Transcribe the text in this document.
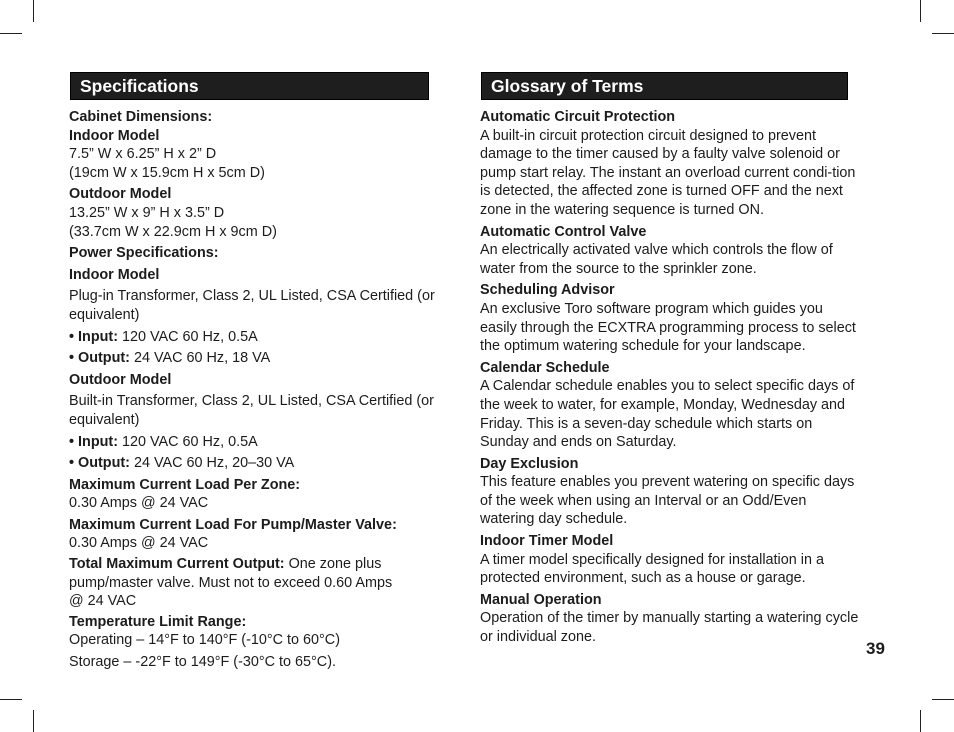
Specifications
Cabinet Dimensions:
Indoor Model
7.5” W x 6.25” H x 2” D
(19cm W x 15.9cm H x 5cm D)
Outdoor Model
13.25” W x 9” H x 3.5” D
(33.7cm W x 22.9cm H x 9cm D)
Power Specifications:
Indoor Model
Plug-in Transformer, Class 2, UL Listed, CSA Certified (or equivalent)
• Input: 120 VAC 60 Hz, 0.5A
• Output: 24 VAC 60 Hz, 18 VA
Outdoor Model
Built-in Transformer, Class 2, UL Listed, CSA Certified (or equivalent)
• Input: 120 VAC 60 Hz, 0.5A
• Output: 24 VAC 60 Hz, 20–30 VA
Maximum Current Load Per Zone:
0.30 Amps @ 24 VAC
Maximum Current Load For Pump/Master Valve:
0.30 Amps @ 24 VAC
Total Maximum Current Output: One zone plus pump/master valve. Must not to exceed 0.60 Amps
@ 24 VAC
Temperature Limit Range:
Operating – 14°F to 140°F (-10°C to 60°C)
Storage – -22°F to 149°F (-30°C to 65°C).
Glossary of Terms
Automatic Circuit Protection
A built-in circuit protection circuit designed to prevent damage to the timer caused by a faulty valve solenoid or pump start relay. The instant an overload current condi-tion is detected, the affected zone is turned OFF and the next zone in the watering sequence is turned ON.
Automatic Control Valve
An electrically activated valve which controls the flow of water from the source to the sprinkler zone.
Scheduling Advisor
An exclusive Toro software program which guides you easily through the ECXTRA programming process to select the optimum watering schedule for your landscape.
Calendar Schedule
A Calendar schedule enables you to select specific days of the week to water, for example, Monday, Wednesday and Friday. This is a seven-day schedule which starts on Sunday and ends on Saturday.
Day Exclusion
This feature enables you prevent watering on specific days of the week when using an Interval or an Odd/Even watering day schedule.
Indoor Timer Model
A timer model specifically designed for installation in a protected environment, such as a house or garage.
Manual Operation
Operation of the timer by manually starting a watering cycle or individual zone.
39
